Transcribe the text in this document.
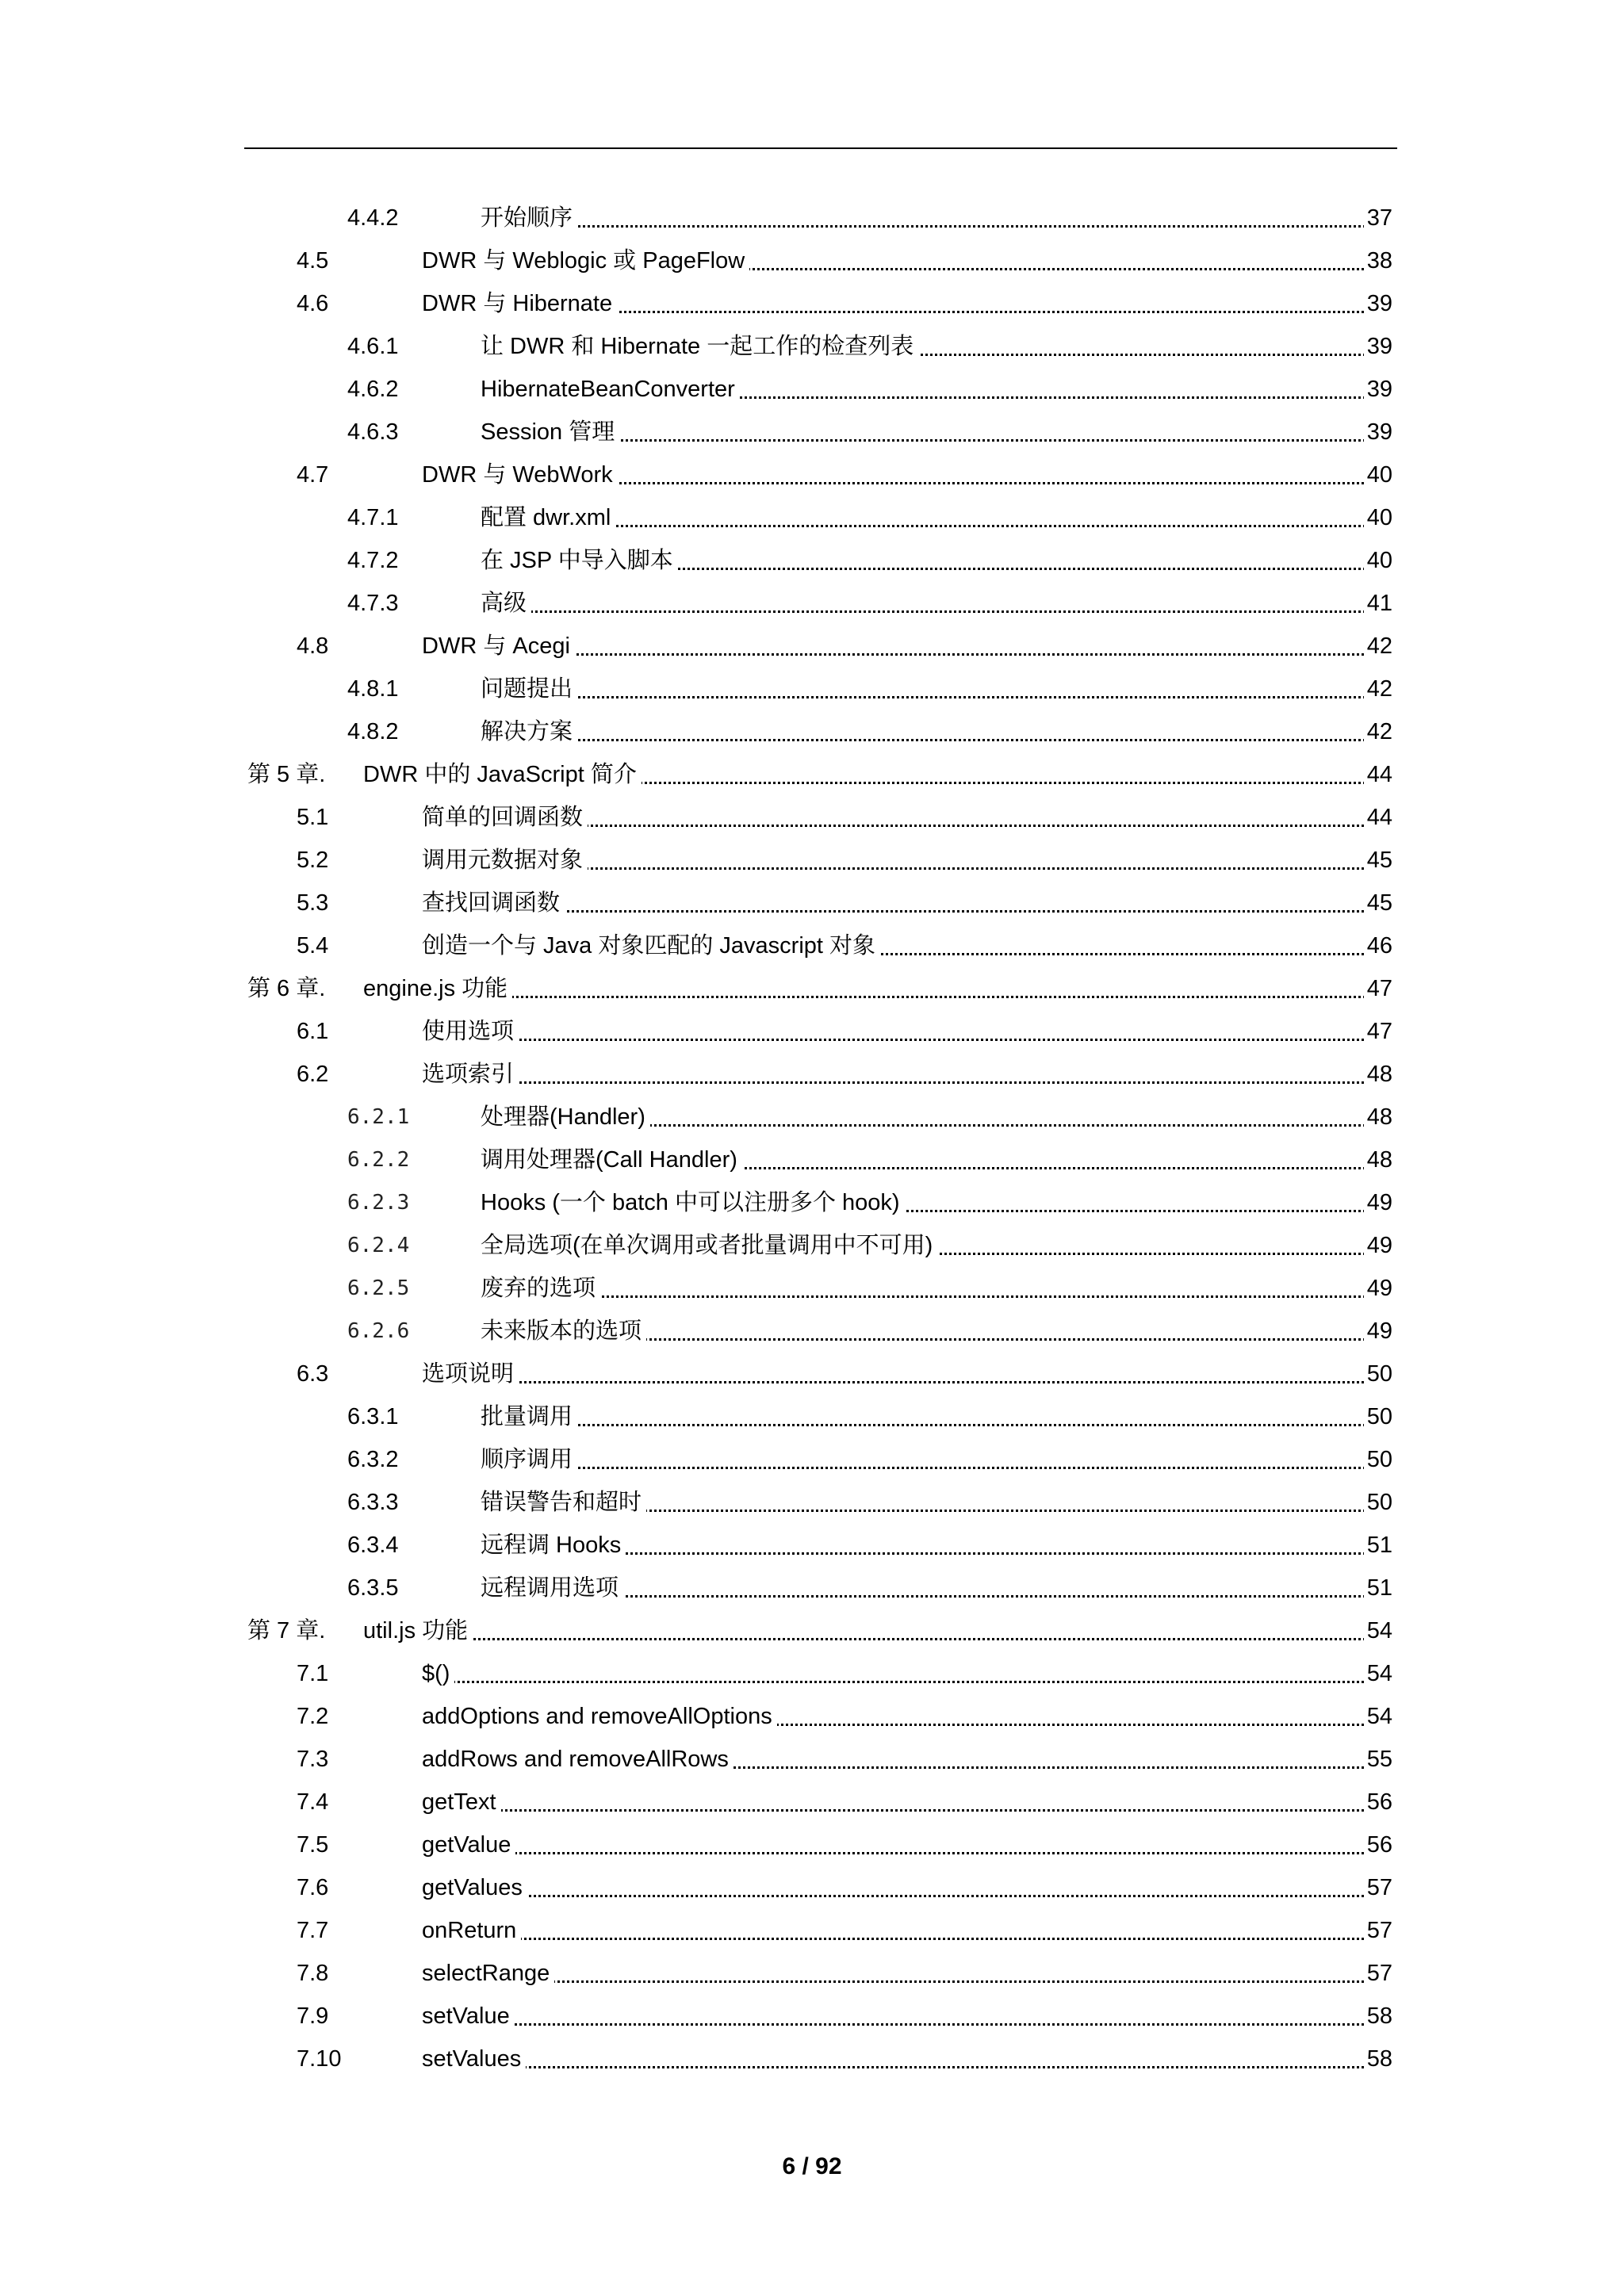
4.4.2	开始顺序	37
4.5	DWR 与 Weblogic 或 PageFlow	38
4.6	DWR 与 Hibernate	39
4.6.1	让 DWR 和 Hibernate 一起工作的检查列表	39
4.6.2	HibernateBeanConverter	39
4.6.3	Session 管理	39
4.7	DWR 与 WebWork	40
4.7.1	配置 dwr.xml	40
4.7.2	在 JSP 中导入脚本	40
4.7.3	高级	41
4.8	DWR 与 Acegi	42
4.8.1	问题提出	42
4.8.2	解决方案	42
第 5 章. DWR 中的 JavaScript 简介	44
5.1	简单的回调函数	44
5.2	调用元数据对象	45
5.3	查找回调函数	45
5.4	创造一个与 Java 对象匹配的 Javascript 对象	46
第 6 章. engine.js 功能	47
6.1	使用选项	47
6.2	选项索引	48
6.2.1	处理器(Handler)	48
6.2.2	调用处理器(Call Handler)	48
6.2.3	Hooks (一个 batch 中可以注册多个 hook)	49
6.2.4	全局选项(在单次调用或者批量调用中不可用)	49
6.2.5	废弃的选项	49
6.2.6	未来版本的选项	49
6.3	选项说明	50
6.3.1	批量调用	50
6.3.2	顺序调用	50
6.3.3	错误警告和超时	50
6.3.4	远程调 Hooks	51
6.3.5	远程调用选项	51
第 7 章. util.js 功能	54
7.1	$()	54
7.2	addOptions and removeAllOptions	54
7.3	addRows and removeAllRows	55
7.4	getText	56
7.5	getValue	56
7.6	getValues	57
7.7	onReturn	57
7.8	selectRange	57
7.9	setValue	58
7.10	setValues	58
6 / 92
